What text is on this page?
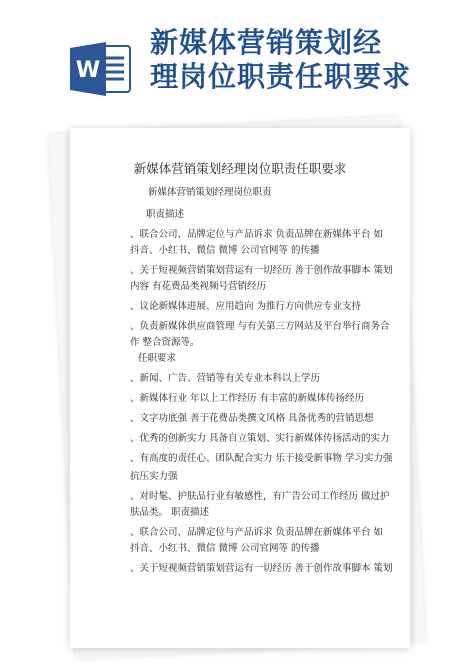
W
新媒体营销策划经
理岗位职责任职要求

新媒体营销策划经理岗位职责任职要求

新媒体营销策划经理岗位职责

职责描述

、联合公司、品牌定位与产品诉求 负责品牌在新媒体平台 如

抖音、小红书、微信 微博 公司官网等 的传播

、关于短视频营销策划营运有一切经历 善于创作故事脚本 策划

内容 有花费品类视频号营销经历

、议论新媒体进展、应用趋向 为推行方向供应专业支持

、负责新媒体供应商管理 与有关第三方网站及平台举行商务合

作 整合资源等。

任职要求

、新闻、广告、营销等有关专业本科以上学历

、新媒体行业 年以上工作经历 有丰富的新媒体传扬经历

、文字功底强 善于花费品类撰文风格 具备优秀的营销思想

、优秀的创新实力 具备自立策划、实行新媒体传扬活动的实力

、有高度的责任心、团队配合实力 乐于接受新事物 学习实力强

抗压实力强

、对时髦、护肤品行业有敏感性，有广告公司工作经历 做过护

肤品类。 职责描述

、联合公司、品牌定位与产品诉求 负责品牌在新媒体平台 如

抖音、小红书、微信 微博 公司官网等 的传播

、关于短视频营销策划营运有一切经历 善于创作故事脚本 策划
